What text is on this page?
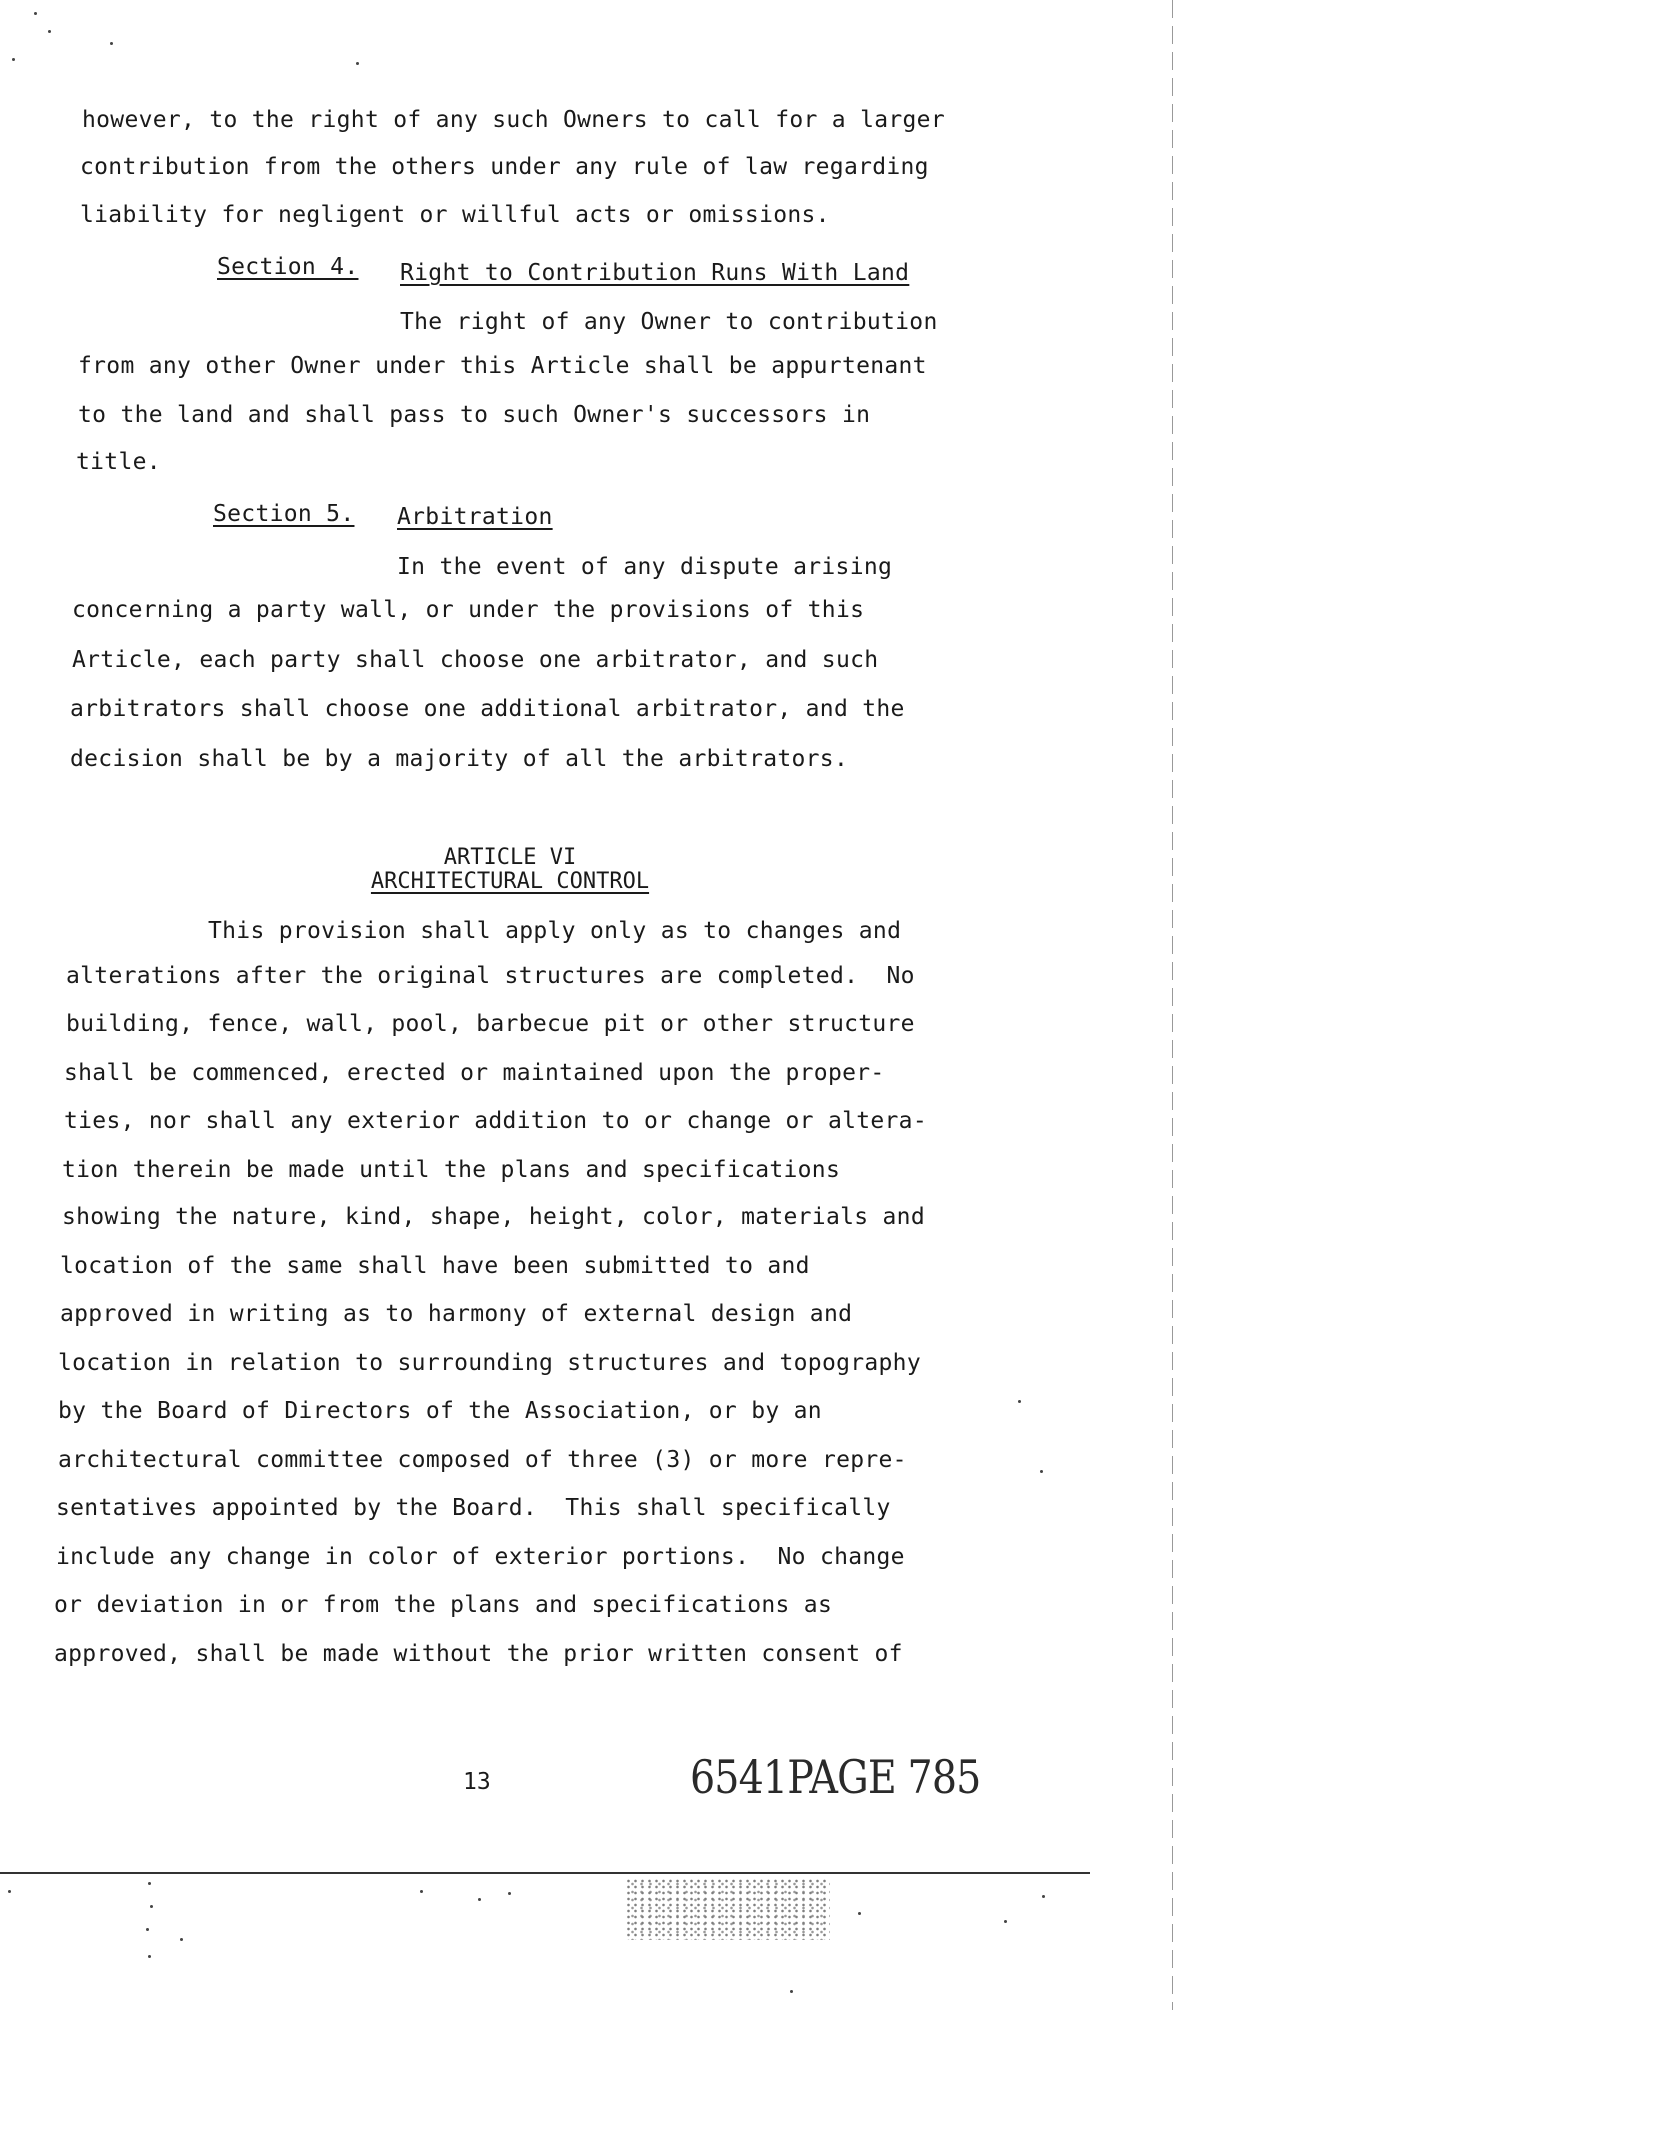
however, to the right of any such Owners to call for a larger
contribution from the others under any rule of law regarding
liability for negligent or willful acts or omissions.
Section 4. Right to Contribution Runs With Land
The right of any Owner to contribution
from any other Owner under this Article shall be appurtenant
to the land and shall pass to such Owner's successors in
title.
Section 5. Arbitration
In the event of any dispute arising
concerning a party wall, or under the provisions of this
Article, each party shall choose one arbitrator, and such
arbitrators shall choose one additional arbitrator, and the
decision shall be by a majority of all the arbitrators.
ARTICLE VI
ARCHITECTURAL CONTROL
This provision shall apply only as to changes and
alterations after the original structures are completed.  No
building, fence, wall, pool, barbecue pit or other structure
shall be commenced, erected or maintained upon the proper-
ties, nor shall any exterior addition to or change or altera-
tion therein be made until the plans and specifications
showing the nature, kind, shape, height, color, materials and
location of the same shall have been submitted to and
approved in writing as to harmony of external design and
location in relation to surrounding structures and topography
by the Board of Directors of the Association, or by an
architectural committee composed of three (3) or more repre-
sentatives appointed by the Board.  This shall specifically
include any change in color of exterior portions.  No change
or deviation in or from the plans and specifications as
approved, shall be made without the prior written consent of
13	6541PAGE 785
